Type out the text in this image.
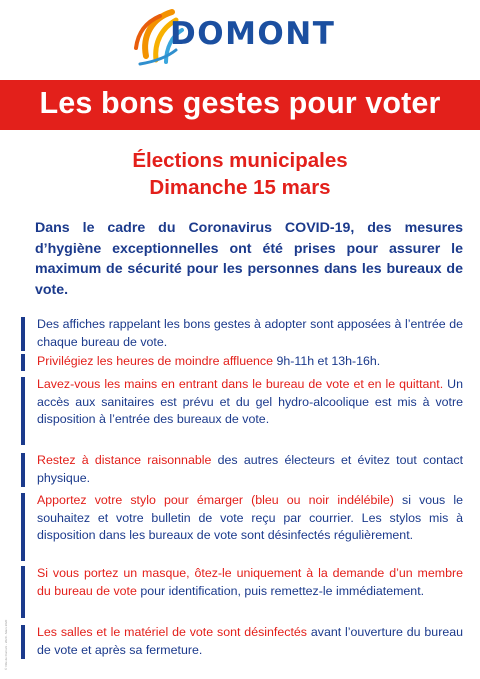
DOMONT
Les bons gestes pour voter
Élections municipales
Dimanche 15 mars
Dans le cadre du Coronavirus COVID-19, des mesures d’hygiène exceptionnelles ont été prises pour assurer le maximum de sécurité pour les personnes dans les bureaux de vote.
Des affiches rappelant les bons gestes à adopter sont apposées à l’entrée de chaque bureau de vote.
Privilégiez les heures de moindre affluence 9h-11h et 13h-16h.
Lavez-vous les mains en entrant dans le bureau de vote et en le quittant. Un accès aux sanitaires est prévu et du gel hydro-alcoolique est mis à votre disposition à l’entrée des bureaux de vote.
Restez à distance raisonnable des autres électeurs et évitez tout contact physique.
Apportez votre stylo pour émarger (bleu ou noir indélébile) si vous le souhaitez et votre bulletin de vote reçu par courrier. Les stylos mis à disposition dans les bureaux de vote sont désinfectés régulièrement.
Si vous portez un masque, ôtez-le uniquement à la demande d’un membre du bureau de vote pour identification, puis remettez-le immédiatement.
Les salles et le matériel de vote sont désinfectés avant l’ouverture du bureau de vote et après sa fermeture.
© Ville de Domont - 2020 - Mars 2020
